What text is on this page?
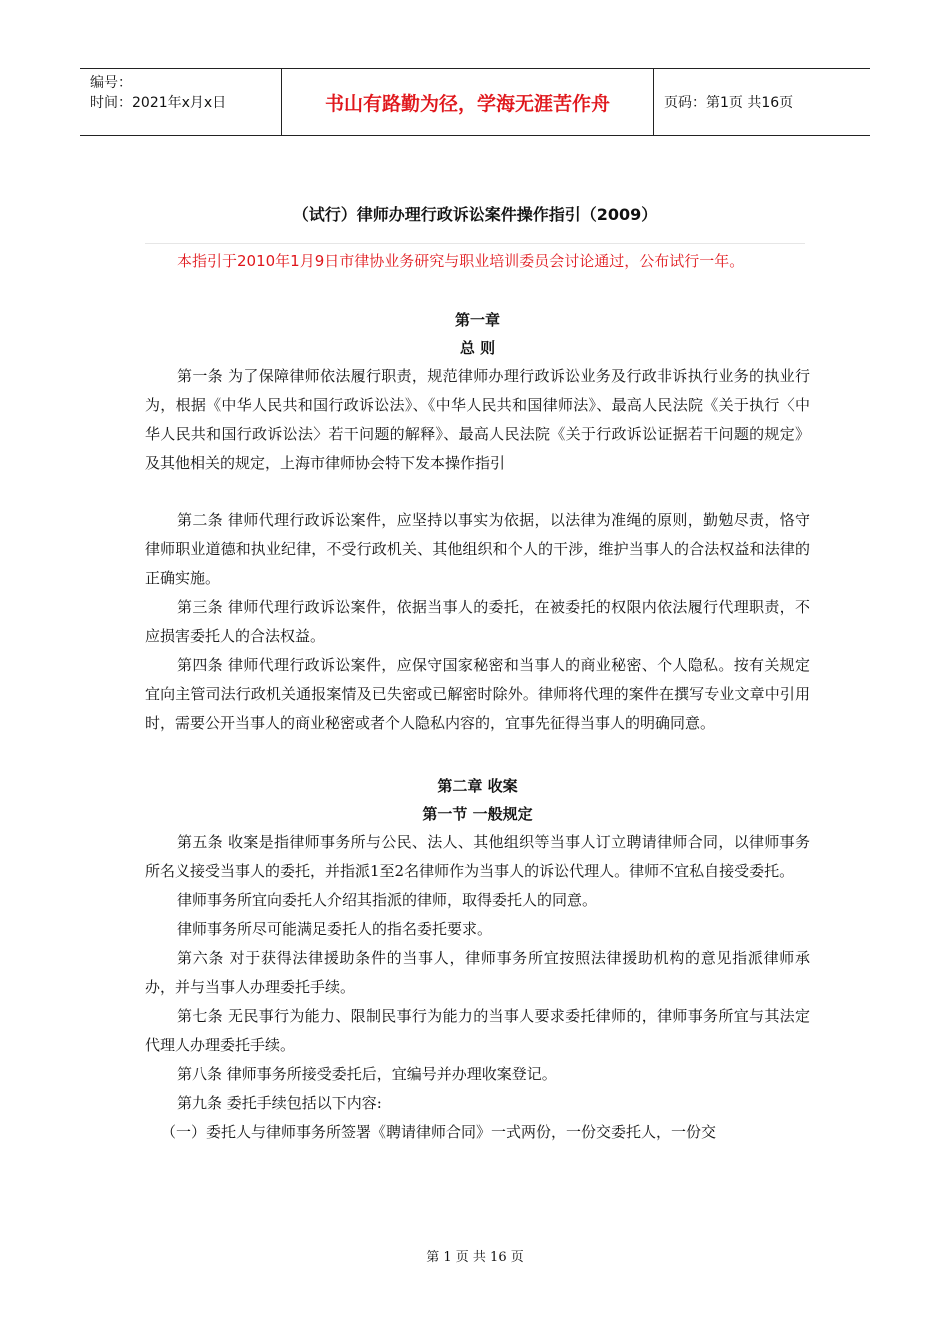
编号：
时间：2021年x月x日	书山有路勤为径，学海无涯苦作舟	页码：第1页 共16页
（试行）律师办理行政诉讼案件操作指引（2009）
本指引于2010年1月9日市律协业务研究与职业培训委员会讨论通过，公布试行一年。
第一章
总 则

第一条 为了保障律师依法履行职责，规范律师办理行政诉讼业务及行政非诉执行业务的执业行为，根据《中华人民共和国行政诉讼法》、《中华人民共和国律师法》、最高人民法院《关于执行〈中华人民共和国行政诉讼法〉若干问题的解释》、最高人民法院《关于行政诉讼证据若干问题的规定》及其他相关的规定，上海市律师协会特下发本操作指引

第二条 律师代理行政诉讼案件，应坚持以事实为依据，以法律为准绳的原则，勤勉尽责，恪守律师职业道德和执业纪律，不受行政机关、其他组织和个人的干涉，维护当事人的合法权益和法律的正确实施。

第三条 律师代理行政诉讼案件，依据当事人的委托，在被委托的权限内依法履行代理职责，不应损害委托人的合法权益。

第四条 律师代理行政诉讼案件，应保守国家秘密和当事人的商业秘密、个人隐私。按有关规定宜向主管司法行政机关通报案情及已失密或已解密时除外。律师将代理的案件在撰写专业文章中引用时，需要公开当事人的商业秘密或者个人隐私内容的，宜事先征得当事人的明确同意。

第二章 收案
第一节 一般规定

第五条 收案是指律师事务所与公民、法人、其他组织等当事人订立聘请律师合同，以律师事务所名义接受当事人的委托，并指派1至2名律师作为当事人的诉讼代理人。律师不宜私自接受委托。

律师事务所宜向委托人介绍其指派的律师，取得委托人的同意。

律师事务所尽可能满足委托人的指名委托要求。

第六条 对于获得法律援助条件的当事人，律师事务所宜按照法律援助机构的意见指派律师承办，并与当事人办理委托手续。

第七条 无民事行为能力、限制民事行为能力的当事人要求委托律师的，律师事务所宜与其法定代理人办理委托手续。

第八条 律师事务所接受委托后，宜编号并办理收案登记。

第九条 委托手续包括以下内容:

（一）委托人与律师事务所签署《聘请律师合同》一式两份，一份交委托人，一份交

第 1 页 共 16 页
